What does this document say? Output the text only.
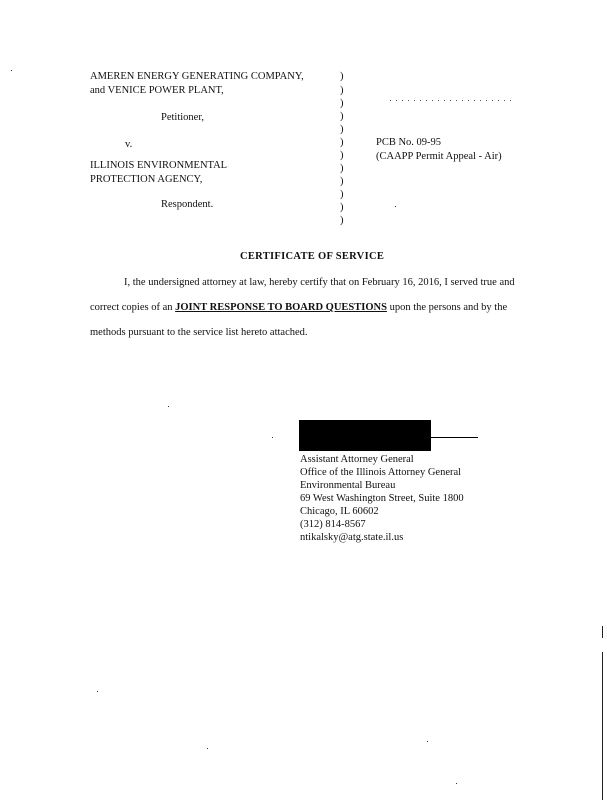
AMEREN ENERGY GENERATING COMPANY,
and VENICE POWER PLANT,
Petitioner,
v.
ILLINOIS ENVIRONMENTAL
PROTECTION AGENCY,
Respondent.
)
)
)
)
)
)
)
)
)
)
)
)
PCB No. 09-95
(CAAPP Permit Appeal - Air)
CERTIFICATE OF SERVICE
I, the undersigned attorney at law, hereby certify that on February 16, 2016, I served true and
correct copies of an JOINT RESPONSE TO BOARD QUESTIONS upon the persons and by the
methods pursuant to the service list hereto attached.
Assistant Attorney General
Office of the Illinois Attorney General
Environmental Bureau
69 West Washington Street, Suite 1800
Chicago, IL 60602
(312) 814-8567
ntikalsky@atg.state.il.us
